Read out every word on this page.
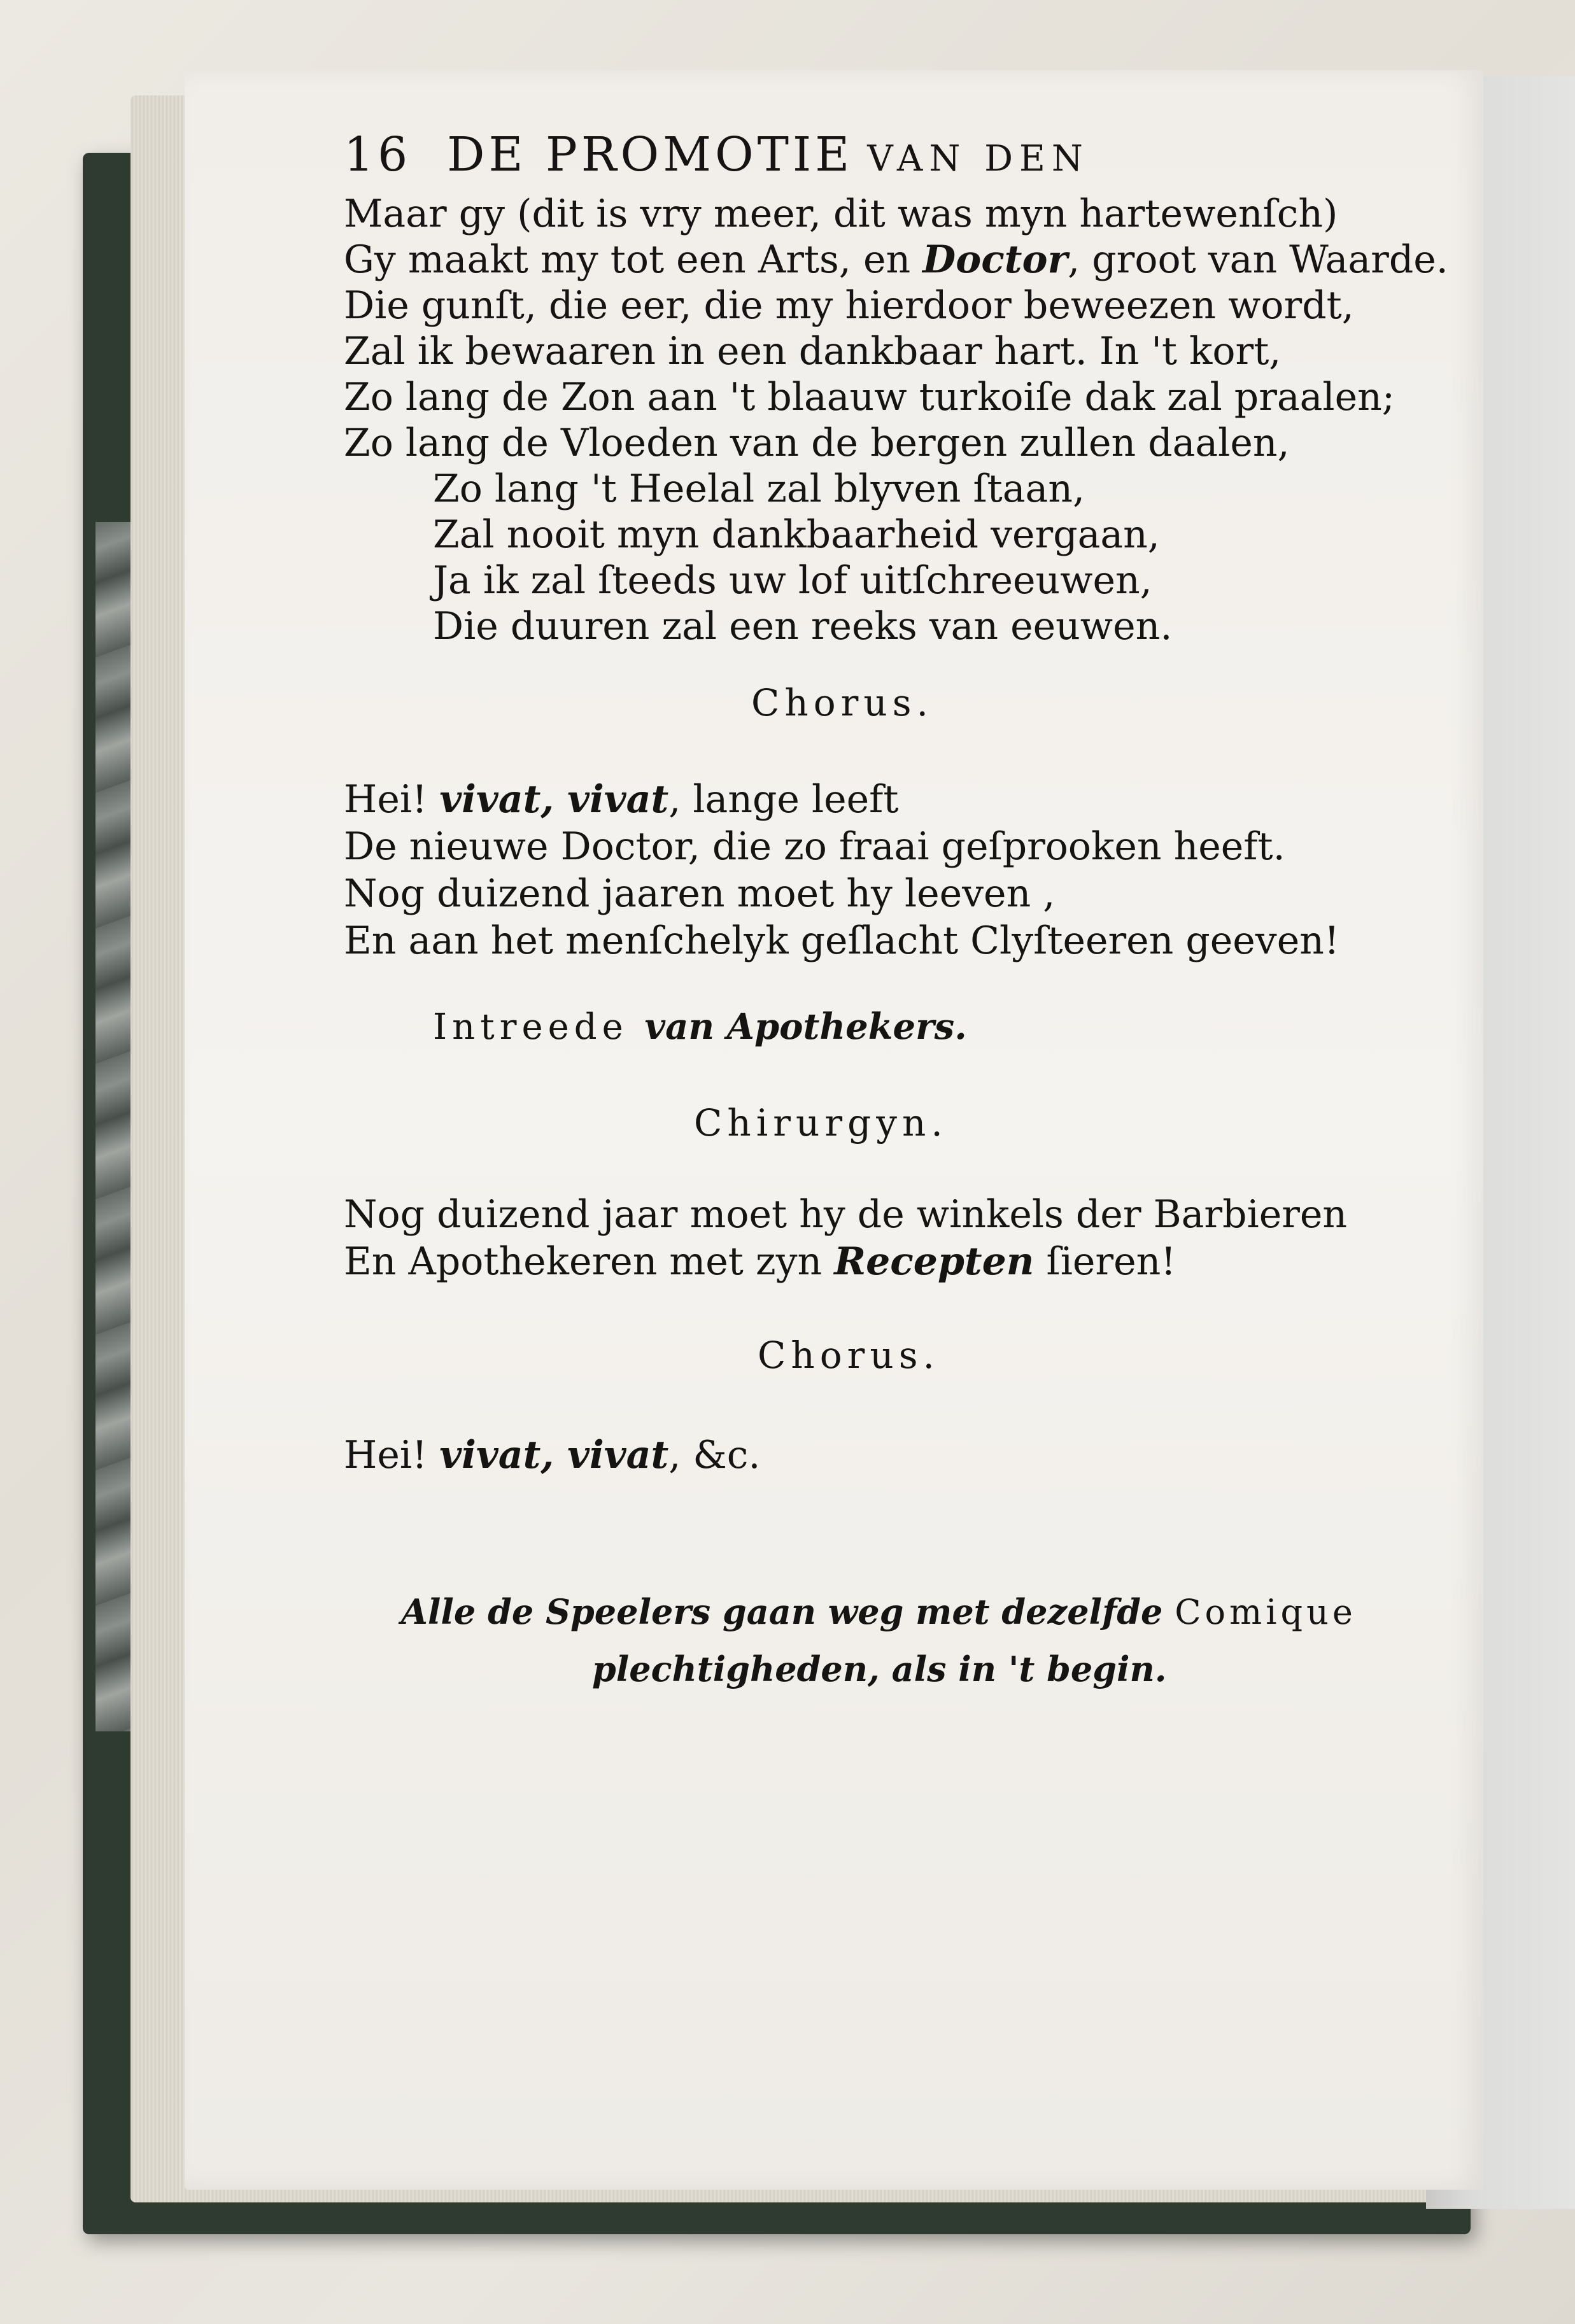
16 DE PROMOTIE VAN DEN
Maar gy (dit is vry meer, dit was myn hartewenſch)
Gy maakt my tot een Arts, en Doctor, groot van Waarde.
Die gunſt, die eer, die my hierdoor beweezen wordt,
Zal ik bewaaren in een dankbaar hart. In 't kort,
Zo lang de Zon aan 't blaauw turkoiſe dak zal praalen;
Zo lang de Vloeden van de bergen zullen daalen,
Zo lang 't Heelal zal blyven ſtaan,
Zal nooit myn dankbaarheid vergaan,
Ja ik zal ſteeds uw lof uitſchreeuwen,
Die duuren zal een reeks van eeuwen.
Chorus.
Hei! vivat, vivat, lange leeft
De nieuwe Doctor, die zo fraai geſprooken heeft.
Nog duizend jaaren moet hy leeven ,
En aan het menſchelyk geſlacht Clyſteeren geeven!
Intreede van Apothekers.
Chirurgyn.
Nog duizend jaar moet hy de winkels der Barbieren
En Apothekeren met zyn Recepten ſieren!
Chorus.
Hei! vivat, vivat, &c.
Alle de Speelers gaan weg met dezelfde Comique
plechtigheden, als in 't begin.
